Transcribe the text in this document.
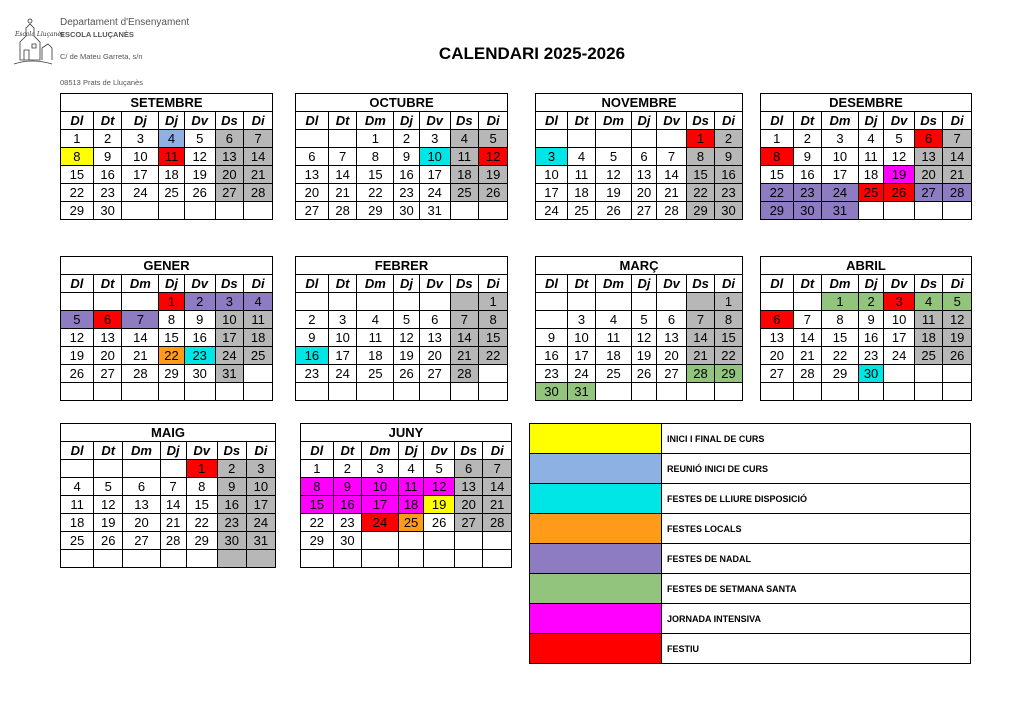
Escola Lluçanès
Departament d'Ensenyament
ESCOLA LLUÇANÈS
C/ de Mateu Garreta, s/n
08513 Prats de Lluçanès
CALENDARI 2025-2026
SETEMBRE						
Dl	Dt	Dj	Dj	Dv	Ds	Di
1	2	3	4	5	6	7
8	9	10	11	12	13	14
15	16	17	18	19	20	21
22	23	24	25	26	27	28
29	30					
OCTUBRE						
Dl	Dt	Dm	Dj	Dv	Ds	Di
		1	2	3	4	5
6	7	8	9	10	11	12
13	14	15	16	17	18	19
20	21	22	23	24	25	26
27	28	29	30	31		
NOVEMBRE						
Dl	Dt	Dm	Dj	Dv	Ds	Di
					1	2
3	4	5	6	7	8	9
10	11	12	13	14	15	16
17	18	19	20	21	22	23
24	25	26	27	28	29	30
DESEMBRE						
Dl	Dt	Dm	Dj	Dv	Ds	Di
1	2	3	4	5	6	7
8	9	10	11	12	13	14
15	16	17	18	19	20	21
22	23	24	25	26	27	28
29	30	31				
GENER						
Dl	Dt	Dm	Dj	Dv	Ds	Di
			1	2	3	4
5	6	7	8	9	10	11
12	13	14	15	16	17	18
19	20	21	22	23	24	25
26	27	28	29	30	31	

FEBRER						
Dl	Dt	Dm	Dj	Dv	Ds	Di
						1
2	3	4	5	6	7	8
9	10	11	12	13	14	15
16	17	18	19	20	21	22
23	24	25	26	27	28	

MARÇ						
Dl	Dt	Dm	Dj	Dv	Ds	Di
						1
	3	4	5	6	7	8
9	10	11	12	13	14	15
16	17	18	19	20	21	22
23	24	25	26	27	28	29
30	31					
ABRIL						
Dl	Dt	Dm	Dj	Dv	Ds	Di
		1	2	3	4	5
6	7	8	9	10	11	12
13	14	15	16	17	18	19
20	21	22	23	24	25	26
27	28	29	30			

MAIG						
Dl	Dt	Dm	Dj	Dv	Ds	Di
				1	2	3
4	5	6	7	8	9	10
11	12	13	14	15	16	17
18	19	20	21	22	23	24
25	26	27	28	29	30	31

JUNY						
Dl	Dt	Dm	Dj	Dv	Ds	Di
1	2	3	4	5	6	7
8	9	10	11	12	13	14
15	16	17	18	19	20	21
22	23	24	25	26	27	28
29	30					

	INICI I FINAL DE CURS
	REUNIÓ INICI DE CURS
	FESTES DE LLIURE DISPOSICIÓ
	FESTES LOCALS
	FESTES DE NADAL
	FESTES DE SETMANA SANTA
	JORNADA INTENSIVA
	FESTIU
